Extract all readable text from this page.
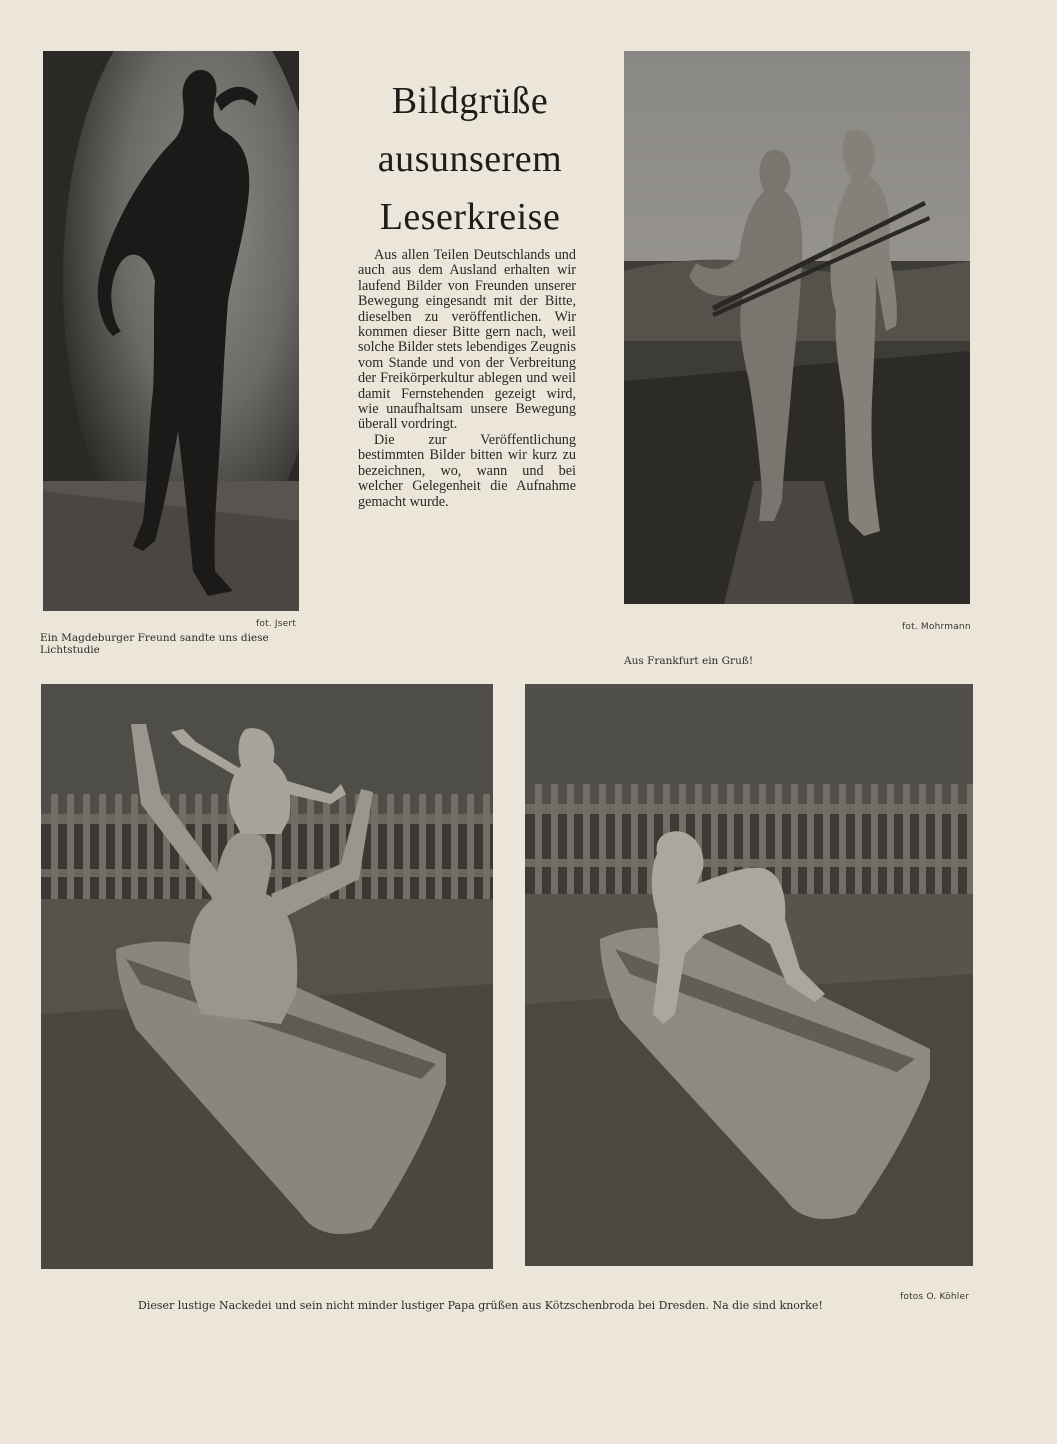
fot. Jsert
Ein Magdeburger Freund sandte uns diese Lichtstudie
Bildgrüße
ausunserem
Leserkreise

Aus allen Teilen Deutschlands und auch aus dem Ausland erhalten wir laufend Bilder von Freunden unserer Bewegung eingesandt mit der Bitte, dieselben zu veröffentlichen. Wir kommen dieser Bitte gern nach, weil solche Bilder stets lebendiges Zeugnis vom Stande und von der Verbreitung der Freikörperkultur ablegen und weil damit Fernstehenden gezeigt wird, wie unaufhaltsam unsere Bewegung überall vordringt.

Die zur Veröffentlichung bestimmten Bilder bitten wir kurz zu bezeichnen, wo, wann und bei welcher Gelegenheit die Aufnahme gemacht wurde.

Aus Frankfurt ein Gruß!
fot. Mohrmann
fotos O. Köhler
Dieser lustige Nackedei und sein nicht minder lustiger Papa grüßen aus Kötzschenbroda bei Dresden. Na die sind knorke!
